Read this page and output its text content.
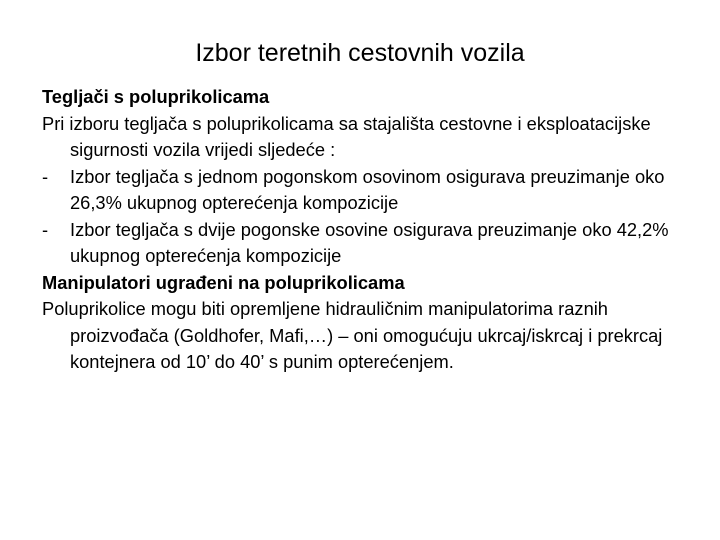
Izbor teretnih cestovnih vozila

Tegljači s poluprikolicama

Pri izboru tegljača s poluprikolicama sa stajališta cestovne i eksploatacijske sigurnosti vozila vrijedi sljedeće :

- Izbor tegljača s jednom pogonskom osovinom osigurava preuzimanje oko 26,3% ukupnog opterećenja kompozicije

- Izbor tegljača s dvije pogonske osovine osigurava preuzimanje oko 42,2% ukupnog opterećenja kompozicije

Manipulatori ugrađeni na poluprikolicama

Poluprikolice mogu biti opremljene hidrauličnim manipulatorima raznih proizvođača (Goldhofer, Mafi,…) – oni omogućuju ukrcaj/iskrcaj i prekrcaj kontejnera od 10’ do 40’ s punim opterećenjem.
